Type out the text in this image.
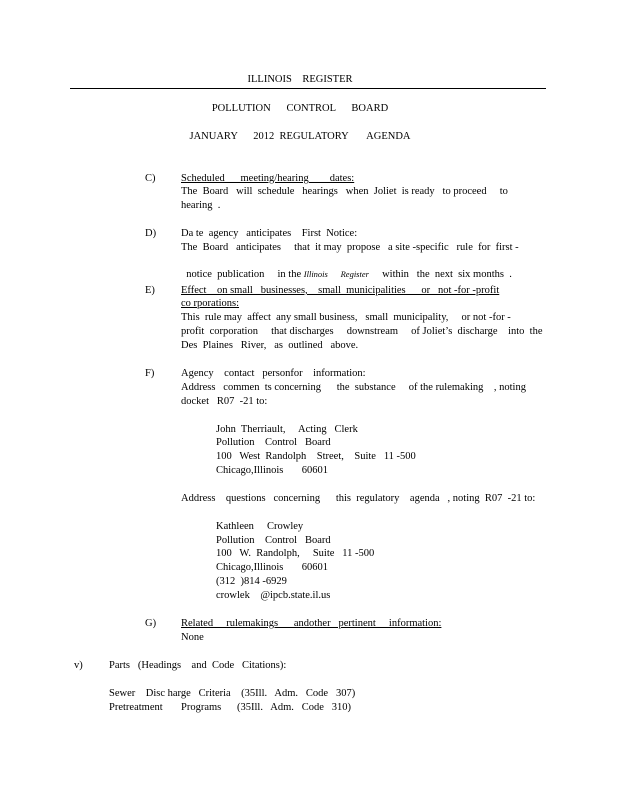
ILLINOIS    REGISTER
POLLUTION      CONTROL      BOARD
JANUARY      2012  REGULATORY       AGENDA
C) Scheduled      meeting/hearing        dates:
The  Board   will  schedule   hearings   when  Joliet  is ready   to proceed     to
hearing  .
D) Da te  agency   anticipates    First  Notice:
The  Board   anticipates     that  it may  propose   a site -specific   rule  for  first -

notice  publication     in the Illinois      Register     within   the  next  six months  .

E) Effect    on small   businesses,    small  municipalities      or   not -for -profit
co rporations:
This  rule may  affect  any small business,   small  municipality,     or not -for -
profit  corporation     that discharges     downstream     of Joliet’s  discharge    into  the
Des  Plaines   River,   as  outlined   above.
F)	Agency    contact   personfor    information:
Address   commen  ts concerning      the  substance     of the rulemaking    , noting
docket   R07  -21 to:
John  Therriault,     Acting   Clerk
Pollution    Control   Board
100   West  Randolph    Street,    Suite   11 -500
Chicago,Illinois       60601
Address    questions   concerning      this  regulatory    agenda   , noting  R07  -21 to:
Kathleen     Crowley
Pollution    Control   Board
100   W.  Randolph,     Suite   11 -500
Chicago,Illinois       60601
(312  )814 -6929
crowlek    @ipcb.state.il.us
G) Related     rulemakings      andother   pertinent     information:
None
v)	Parts   (Headings    and  Code   Citations):
Sewer    Disc harge   Criteria    (35Ill.   Adm.   Code   307)
Pretreatment       Programs      (35Ill.   Adm.   Code   310)
